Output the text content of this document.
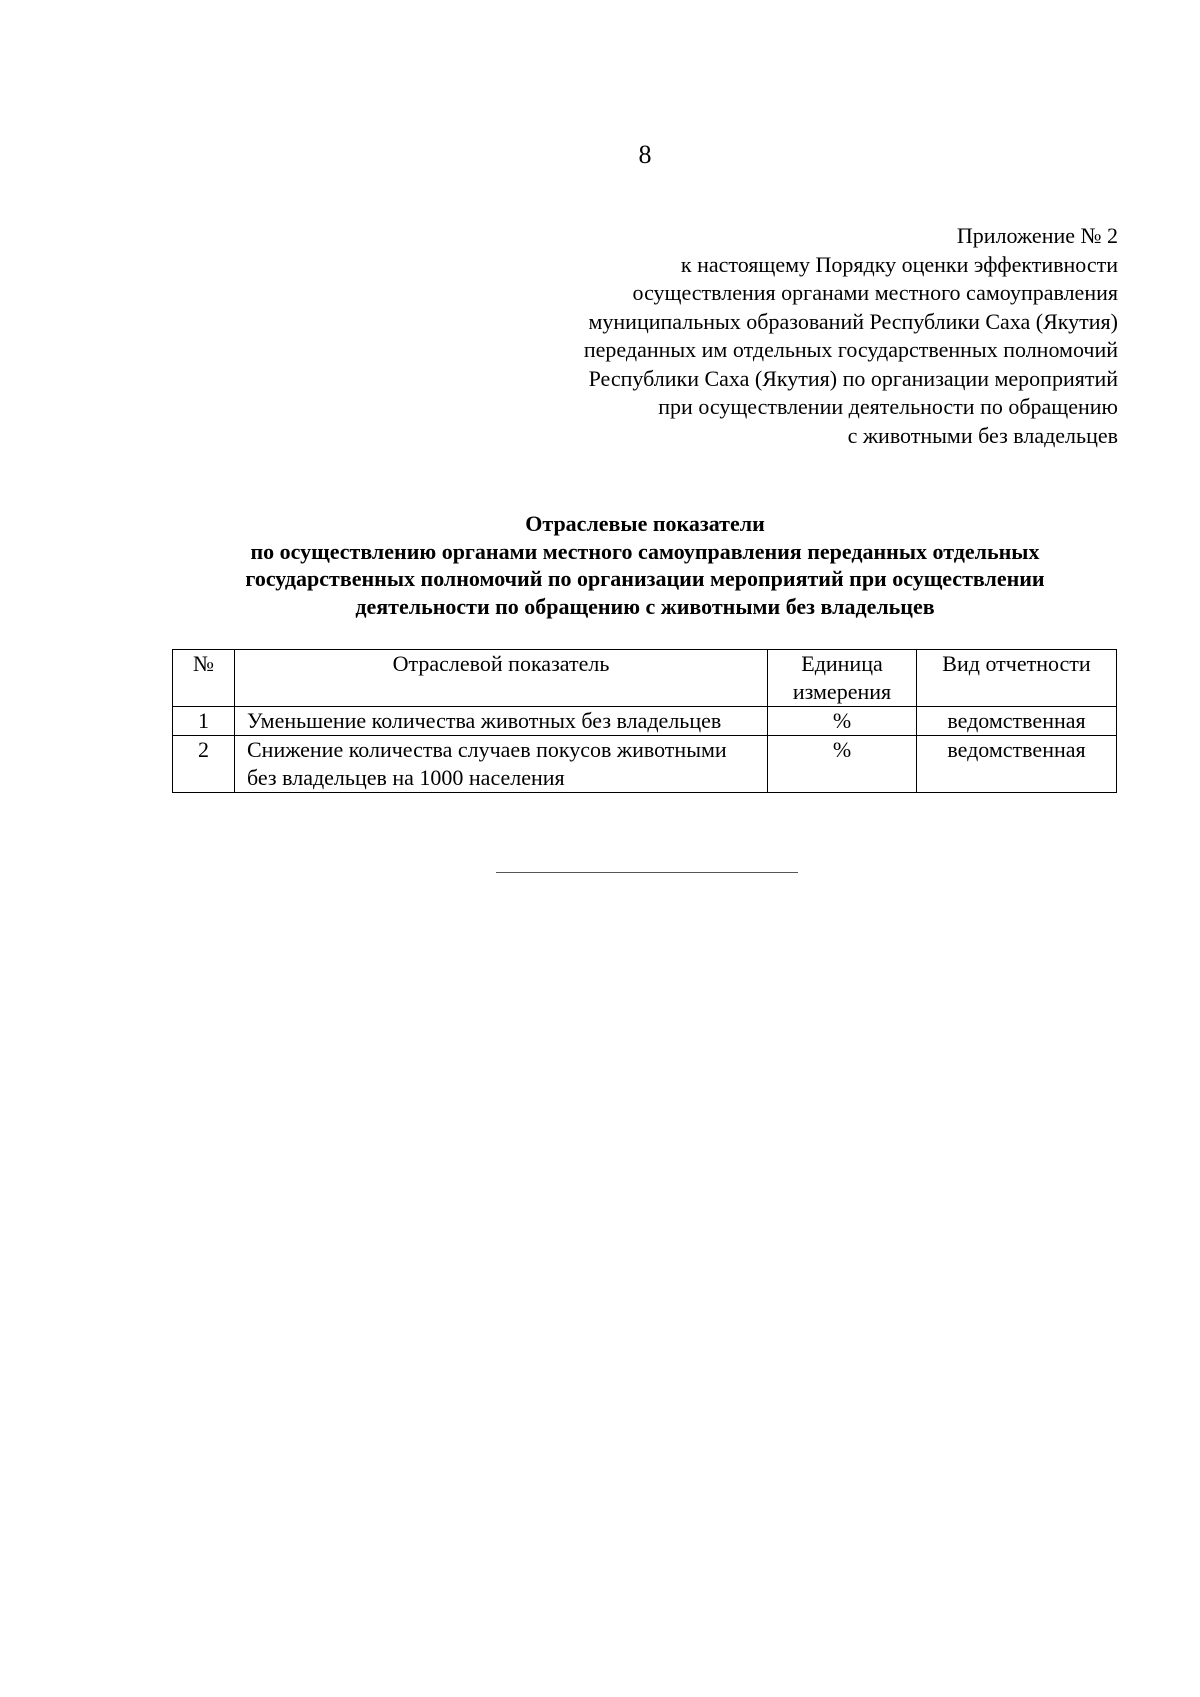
8
Приложение № 2
к настоящему Порядку оценки эффективности
осуществления органами местного самоуправления
муниципальных образований Республики Саха (Якутия)
переданных им отдельных государственных полномочий
Республики Саха (Якутия) по организации мероприятий
при осуществлении деятельности по обращению
с животными без владельцев
Отраслевые показатели
по осуществлению органами местного самоуправления переданных отдельных
государственных полномочий по организации мероприятий при осуществлении
деятельности по обращению с животными без владельцев
№	Отраслевой показатель	Единица измерения	Вид отчетности
1	Уменьшение количества животных без владельцев	%	ведомственная
2	Снижение количества случаев покусов животными без владельцев на 1000 населения	%	ведомственная
